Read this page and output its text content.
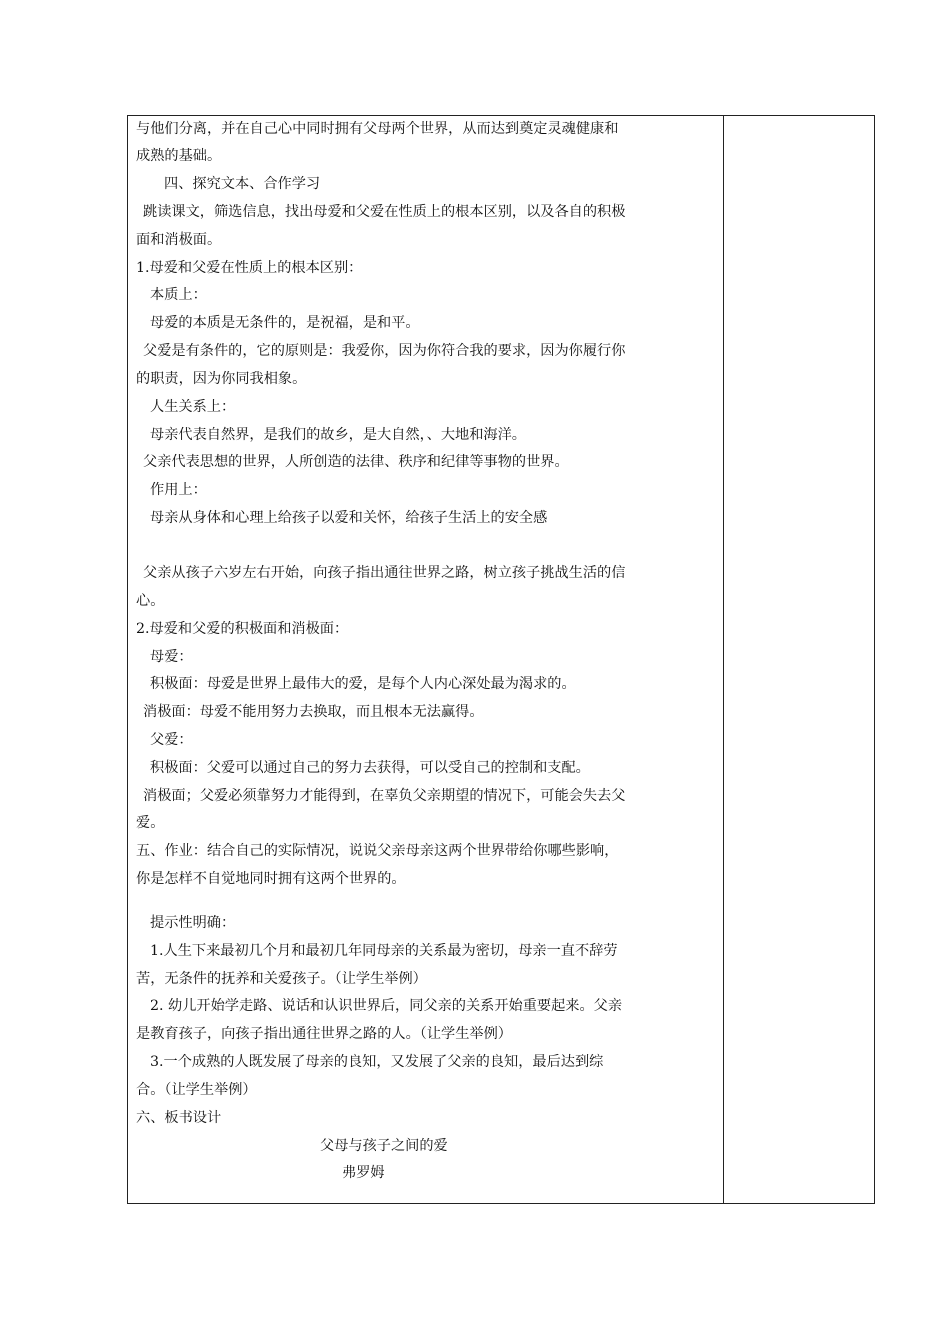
与他们分离，并在自己心中同时拥有父母两个世界，从而达到奠定灵魂健康和
成熟的基础。
四、探究文本、合作学习
跳读课文，筛选信息，找出母爱和父爱在性质上的根本区别，以及各自的积极
面和消极面。
1.母爱和父爱在性质上的根本区别：
本质上：
母爱的本质是无条件的，是祝福，是和平。
父爱是有条件的，它的原则是：我爱你，因为你符合我的要求，因为你履行你
的职责，因为你同我相象。
人生关系上：
母亲代表自然界，是我们的故乡，是大自然，、大地和海洋。
父亲代表思想的世界，人所创造的法律、秩序和纪律等事物的世界。
作用上：
母亲从身体和心理上给孩子以爱和关怀，给孩子生活上的安全感
父亲从孩子六岁左右开始，向孩子指出通往世界之路，树立孩子挑战生活的信
心。
2.母爱和父爱的积极面和消极面：
母爱：
积极面：母爱是世界上最伟大的爱，是每个人内心深处最为渴求的。
消极面：母爱不能用努力去换取，而且根本无法赢得。
父爱：
积极面：父爱可以通过自己的努力去获得，可以受自己的控制和支配。
消极面；父爱必须靠努力才能得到，在辜负父亲期望的情况下，可能会失去父
爱。
五、作业：结合自己的实际情况，说说父亲母亲这两个世界带给你哪些影响，
你是怎样不自觉地同时拥有这两个世界的。
提示性明确：
1.人生下来最初几个月和最初几年同母亲的关系最为密切，母亲一直不辞劳
苦，无条件的抚养和关爱孩子。（让学生举例）
2. 幼儿开始学走路、说话和认识世界后，同父亲的关系开始重要起来。父亲
是教育孩子，向孩子指出通往世界之路的人。（让学生举例）
3.一个成熟的人既发展了母亲的良知，又发展了父亲的良知，最后达到综
合。（让学生举例）
六、板书设计
父母与孩子之间的爱
弗罗姆
